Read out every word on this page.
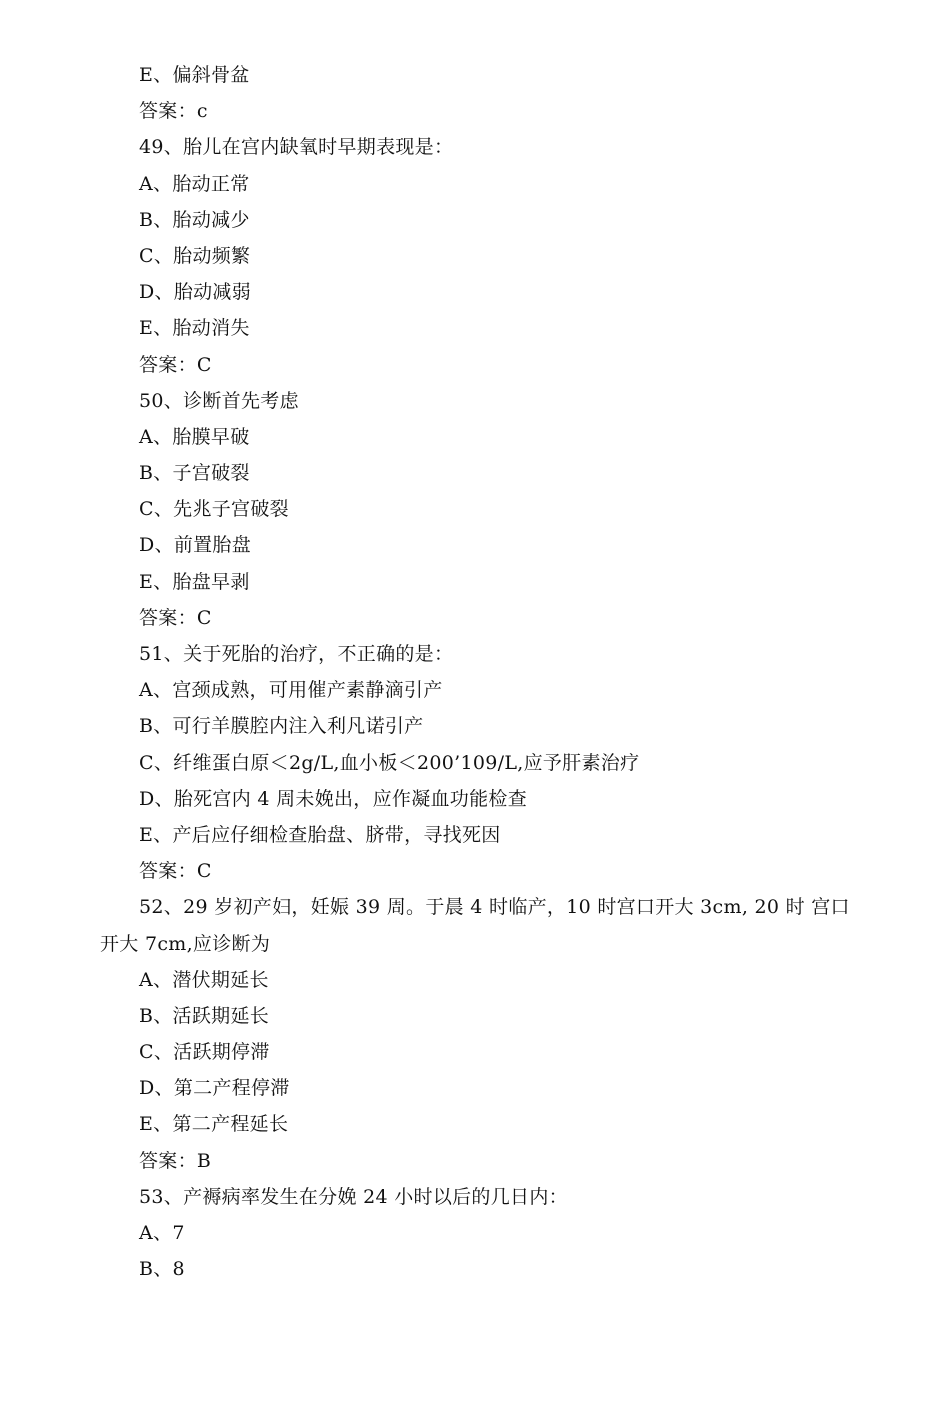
E、偏斜骨盆
答案：c
49、胎儿在宫内缺氧时早期表现是：
A、胎动正常
B、胎动减少
C、胎动频繁
D、胎动减弱
E、胎动消失
答案：C
50、诊断首先考虑
A、胎膜早破
B、子宫破裂
C、先兆子宫破裂
D、前置胎盘
E、胎盘早剥
答案：C
51、关于死胎的治疗，不正确的是：
A、宫颈成熟，可用催产素静滴引产
B、可行羊膜腔内注入利凡诺引产
C、纤维蛋白原＜2g/L,血小板＜200’109/L,应予肝素治疗
D、胎死宫内 4 周未娩出，应作凝血功能检查
E、产后应仔细检查胎盘、脐带，寻找死因
答案：C
52、29 岁初产妇，妊娠 39 周。于晨 4 时临产，10 时宫口开大 3cm, 20 时 宫口
开大 7cm,应诊断为
A、潜伏期延长
B、活跃期延长
C、活跃期停滞
D、第二产程停滞
E、第二产程延长
答案：B
53、产褥病率发生在分娩 24 小时以后的几日内：
A、7
B、8
